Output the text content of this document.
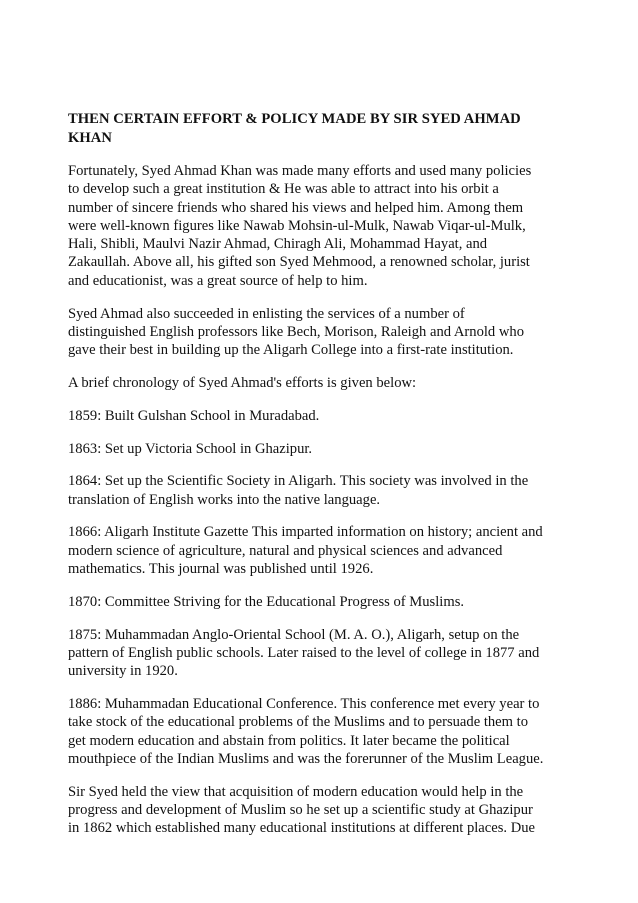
THEN CERTAIN EFFORT & POLICY MADE BY SIR SYED AHMAD
KHAN
Fortunately, Syed Ahmad Khan was made many efforts and used many policies
to develop such a great institution & He was able to attract into his orbit a
number of sincere friends who shared his views and helped him. Among them
were well-known figures like Nawab Mohsin-ul-Mulk, Nawab Viqar-ul-Mulk,
Hali, Shibli, Maulvi Nazir Ahmad, Chiragh Ali, Mohammad Hayat, and
Zakaullah. Above all, his gifted son Syed Mehmood, a renowned scholar, jurist
and educationist, was a great source of help to him.
Syed Ahmad also succeeded in enlisting the services of a number of
distinguished English professors like Bech, Morison, Raleigh and Arnold who
gave their best in building up the Aligarh College into a first-rate institution.
A brief chronology of Syed Ahmad's efforts is given below:
1859: Built Gulshan School in Muradabad.
1863: Set up Victoria School in Ghazipur.
1864: Set up the Scientific Society in Aligarh. This society was involved in the
translation of English works into the native language.
1866: Aligarh Institute Gazette This imparted information on history; ancient and
modern science of agriculture, natural and physical sciences and advanced
mathematics. This journal was published until 1926.
1870: Committee Striving for the Educational Progress of Muslims.
1875: Muhammadan Anglo-Oriental School (M. A. O.), Aligarh, setup on the
pattern of English public schools. Later raised to the level of college in 1877 and
university in 1920.
1886: Muhammadan Educational Conference. This conference met every year to
take stock of the educational problems of the Muslims and to persuade them to
get modern education and abstain from politics. It later became the political
mouthpiece of the Indian Muslims and was the forerunner of the Muslim League.
Sir Syed held the view that acquisition of modern education would help in the
progress and development of Muslim so he set up a scientific study at Ghazipur
in 1862 which established many educational institutions at different places. Due
